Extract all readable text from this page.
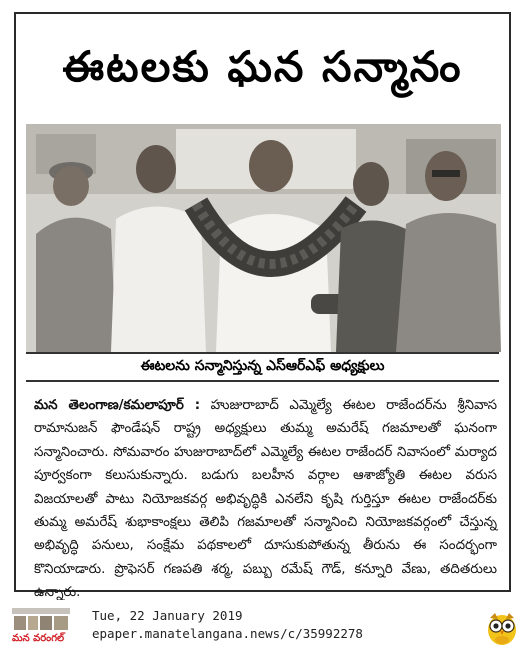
ఈటలకు ఘన సన్మానం
ఈటలను సన్మానిస్తున్న ఎస్ఆర్ఎఫ్ అధ్యక్షులు
మన తెలంగాణ/కమలాపూర్ : హుజురాబాద్ ఎమ్మెల్యే ఈటల రాజేందర్‌ను శ్రీనివాస రామానుజన్ ఫౌండేషన్ రాష్ట్ర అధ్యక్షులు తుమ్మ అమరేష్ గజమాలతో ఘనంగా సన్మానించారు. సోమవారం హుజురాబాద్‌లో ఎమ్మెల్యే ఈటల రాజేందర్ నివాసంలో మర్యాద పూర్వకంగా కలుసుకున్నారు. బడుగు బలహీన వర్గాల ఆశాజ్యోతి ఈటల వరుస విజయాలతో పాటు నియోజకవర్గ అభివృద్ధికి ఎనలేని కృషి గుర్తిస్తూ ఈటల రాజేందర్‌కు తుమ్మ అమరేష్ శుభాకాంక్షలు తెలిపి గజమాలతో సన్మానించి నియోజకవర్గంలో చేస్తున్న అభివృద్ధి పనులు, సంక్షేమ పథకాలలో దూసుకుపోతున్న తీరును ఈ సందర్భంగా కొనియాడారు. ప్రొఫెసర్ గణపతి శర్మ, పబ్బు రమేష్ గౌడ్, కన్నూరి వేణు, తదితరులు ఉన్నారు.
మన వరంగల్
Tue, 22 January 2019
epaper.manatelangana.news/c/35992278
